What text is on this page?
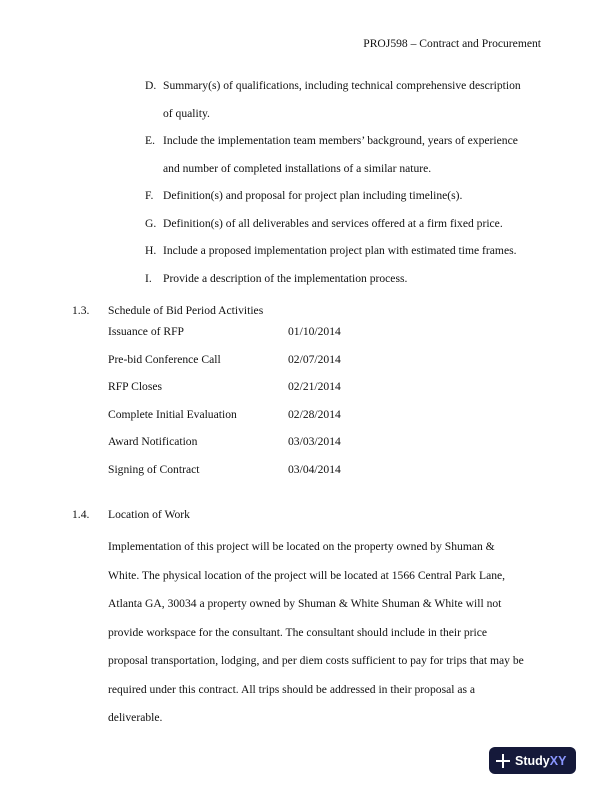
PROJ598 – Contract and Procurement
D. Summary(s) of qualifications, including technical comprehensive description
of quality.
E. Include the implementation team members’ background, years of experience
and number of completed installations of a similar nature.
F. Definition(s) and proposal for project plan including timeline(s).
G. Definition(s) of all deliverables and services offered at a firm fixed price.
H. Include a proposed implementation project plan with estimated time frames.
I. Provide a description of the implementation process.
1.3. Schedule of Bid Period Activities
Issuance of RFP	01/10/2014
Pre-bid Conference Call	02/07/2014
RFP Closes	02/21/2014
Complete Initial Evaluation	02/28/2014
Award Notification	03/03/2014
Signing of Contract	03/04/2014
1.4. Location of Work
Implementation of this project will be located on the property owned by Shuman &
White. The physical location of the project will be located at 1566 Central Park Lane,
Atlanta GA, 30034 a property owned by Shuman & White Shuman & White will not
provide workspace for the consultant. The consultant should include in their price
proposal transportation, lodging, and per diem costs sufficient to pay for trips that may be
required under this contract. All trips should be addressed in their proposal as a
deliverable.
Study XY
